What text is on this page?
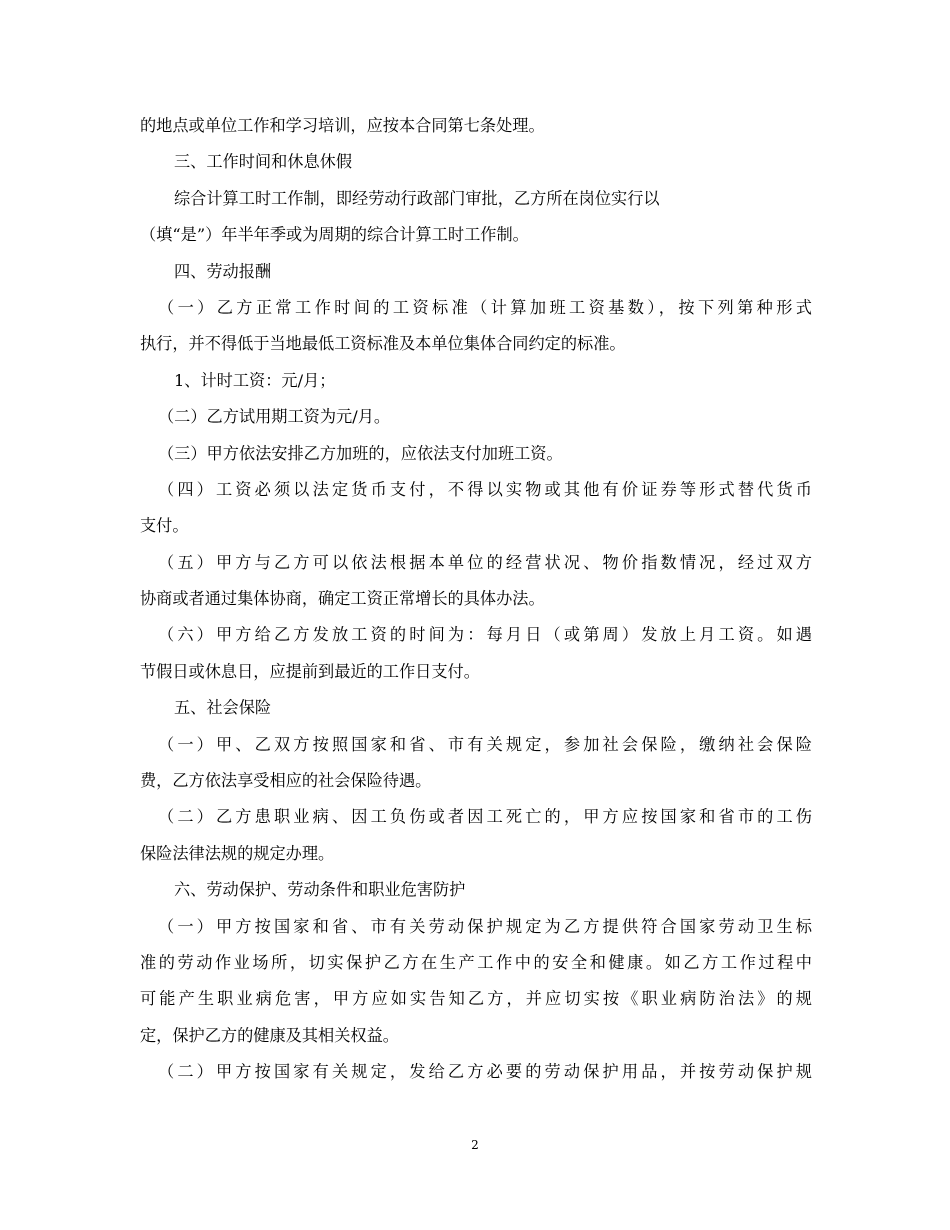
的地点或单位工作和学习培训，应按本合同第七条处理。
三、工作时间和休息休假
综合计算工时工作制，即经劳动行政部门审批，乙方所在岗位实行以
（填“是”）年半年季或为周期的综合计算工时工作制。
四、劳动报酬
（一）乙方正常工作时间的工资标准（计算加班工资基数），按下列第种形式
执行，并不得低于当地最低工资标准及本单位集体合同约定的标准。
1、计时工资：元/月；
（二）乙方试用期工资为元/月。
（三）甲方依法安排乙方加班的，应依法支付加班工资。
（四）工资必须以法定货币支付，不得以实物或其他有价证券等形式替代货币
支付。
（五）甲方与乙方可以依法根据本单位的经营状况、物价指数情况，经过双方
协商或者通过集体协商，确定工资正常增长的具体办法。
（六）甲方给乙方发放工资的时间为：每月日（或第周）发放上月工资。如遇
节假日或休息日，应提前到最近的工作日支付。
五、社会保险
（一）甲、乙双方按照国家和省、市有关规定，参加社会保险，缴纳社会保险
费，乙方依法享受相应的社会保险待遇。
（二）乙方患职业病、因工负伤或者因工死亡的，甲方应按国家和省市的工伤
保险法律法规的规定办理。
六、劳动保护、劳动条件和职业危害防护
（一）甲方按国家和省、市有关劳动保护规定为乙方提供符合国家劳动卫生标
准的劳动作业场所，切实保护乙方在生产工作中的安全和健康。如乙方工作过程中
可能产生职业病危害，甲方应如实告知乙方，并应切实按《职业病防治法》的规
定，保护乙方的健康及其相关权益。
（二）甲方按国家有关规定，发给乙方必要的劳动保护用品，并按劳动保护规
2
